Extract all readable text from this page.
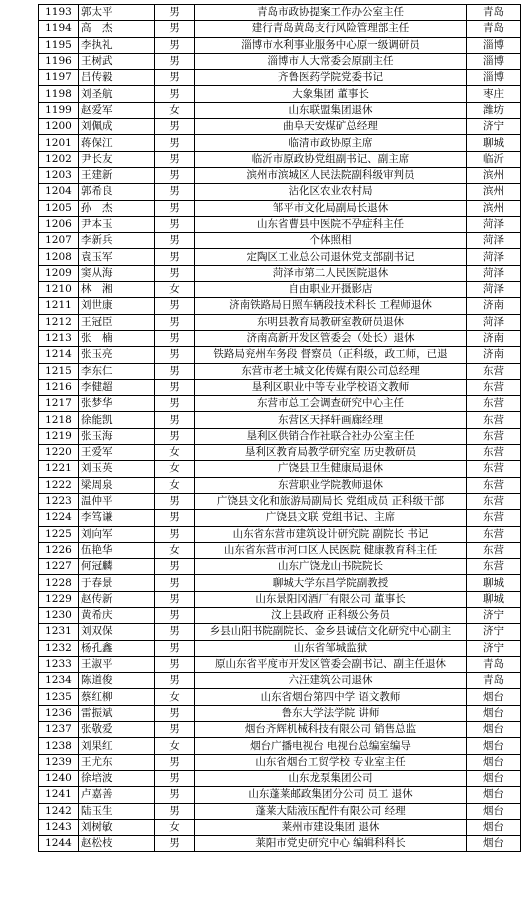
1193	郭太平	男	青岛市政协提案工作办公室主任	青岛
1194	高　杰	男	建行青岛黄岛支行风险管理部主任	青岛
1195	李执礼	男	淄博市水利事业服务中心原一级调研员	淄博
1196	王树武	男	淄博市人大常委会原副主任	淄博
1197	吕传毅	男	齐鲁医药学院党委书记	淄博
1198	刘圣航	男	大象集团 董事长	枣庄
1199	赵爱军	女	山东联盟集团退休	潍坊
1200	刘佩成	男	曲阜天安煤矿总经理	济宁
1201	蒋保江	男	临清市政协原主席	聊城
1202	尹长友	男	临沂市原政协党组副书记、副主席	临沂
1203	王建新	男	滨州市滨城区人民法院副科级审判员	滨州
1204	郭希良	男	沾化区农业农村局	滨州
1205	孙　杰	男	邹平市文化局副局长退休	滨州
1206	尹本玉	男	山东省曹县中医院不孕症科主任	菏泽
1207	李新兵	男	个体照相	菏泽
1208	袁玉军	男	定陶区工业总公司退休党支部副书记	菏泽
1209	窦从海	男	菏泽市第二人民医院退休	菏泽
1210	林　湘	女	自由职业开摄影店	菏泽
1211	刘世康	男	济南铁路局日照车辆段技术科长 工程师退休	济南
1212	王冠臣	男	东明县教育局教研室教研员退休	菏泽
1213	张　楠	男	济南高新开发区管委会（处长）退休	济南
1214	张玉亮	男	铁路局兖州车务段 督察员（正科级，政工师，已退	济南
1215	李东仁	男	东营市老土城文化传媒有限公司总经理	东营
1216	李健超	男	垦利区职业中等专业学校语文教师	东营
1217	张梦华	男	东营市总工会调查研究中心主任	东营
1218	徐能凯	男	东营区天择轩画廊经理	东营
1219	张玉海	男	垦利区供销合作社联合社办公室主任	东营
1220	王爱军	女	垦利区教育局教学研究室 历史教研员	东营
1221	刘玉英	女	广饶县卫生健康局退休	东营
1222	梁周泉	女	东营职业学院教师退休	东营
1223	温仲平	男	广饶县文化和旅游局副局长 党组成员 正科级干部	东营
1224	李笃谦	男	广饶县文联 党组书记、主席	东营
1225	刘向军	男	山东省东营市建筑设计研究院 副院长 书记	东营
1226	伍艳华	女	山东省东营市河口区人民医院 健康教育科主任	东营
1227	何冠麟	男	山东广饶龙山书院院长	东营
1228	于春景	男	聊城大学东昌学院副教授	聊城
1229	赵传新	男	山东景阳冈酒厂有限公司 董事长	聊城
1230	黄希庆	男	汶上县政府 正科级公务员	济宁
1231	刘双保	男	乡县山阳书院副院长、金乡县诚信文化研究中心副主	济宁
1232	杨孔鑫	男	山东省邹城监狱	济宁
1233	王淑平	男	原山东省平度市开发区管委会副书记、副主任退休	青岛
1234	陈道俊	男	六汪建筑公司退休	青岛
1235	蔡红柳	女	山东省烟台第四中学 语文教师	烟台
1236	雷振斌	男	鲁东大学法学院 讲师	烟台
1237	张敬爱	男	烟台齐辉机械科技有限公司 销售总监	烟台
1238	刘果红	女	烟台广播电视台 电视台总编室编导	烟台
1239	王尤东	男	山东省烟台工贸学校 专业室主任	烟台
1240	徐培波	男	山东龙泵集团公司	烟台
1241	卢嘉善	男	山东蓬莱邮政集团分公司 员工 退休	烟台
1242	陆玉生	男	蓬莱大陆液压配件有限公司 经理	烟台
1243	刘树敏	女	莱州市建设集团 退休	烟台
1244	赵松枝	男	莱阳市党史研究中心 编辑科科长	烟台
